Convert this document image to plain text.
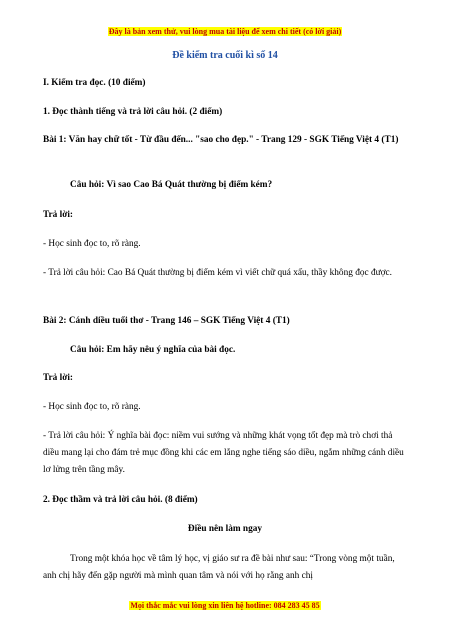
Đây là bản xem thử, vui lòng mua tài liệu để xem chi tiết (có lời giải)
Đề kiểm tra cuối kì số 14
I. Kiểm tra đọc. (10 điểm)
1. Đọc thành tiếng và trả lời câu hỏi. (2 điểm)
Bài 1: Văn hay chữ tốt - Từ đầu đến... "sao cho đẹp." - Trang 129 - SGK Tiếng Việt 4 (T1)
Câu hỏi: Vì sao Cao Bá Quát thường bị điểm kém?
Trả lời:
- Học sinh đọc to, rõ ràng.
- Trả lời câu hỏi: Cao Bá Quát thường bị điểm kém vì viết chữ quá xấu, thầy không đọc được.
Bài 2: Cánh diều tuổi thơ - Trang 146 – SGK Tiếng Việt 4 (T1)
Câu hỏi: Em hãy nêu ý nghĩa của bài đọc.
Trả lời:
- Học sinh đọc to, rõ ràng.
- Trả lời câu hỏi: Ý nghĩa bài đọc: niềm vui sướng và những khát vọng tốt đẹp mà trò chơi thả diều mang lại cho đám trẻ mục đồng khi các em lắng nghe tiếng sáo diều, ngắm những cánh diều lơ lửng trên tầng mây.
2. Đọc thầm và trả lời câu hỏi. (8 điểm)
Điều nên làm ngay
Trong một khóa học về tâm lý học, vị giáo sư ra đề bài như sau: “Trong vòng một tuần, anh chị hãy đến gặp người mà mình quan tâm và nói với họ rằng anh chị
Mọi thắc mắc vui lòng xin liên hệ hotline: 084 283 45 85
